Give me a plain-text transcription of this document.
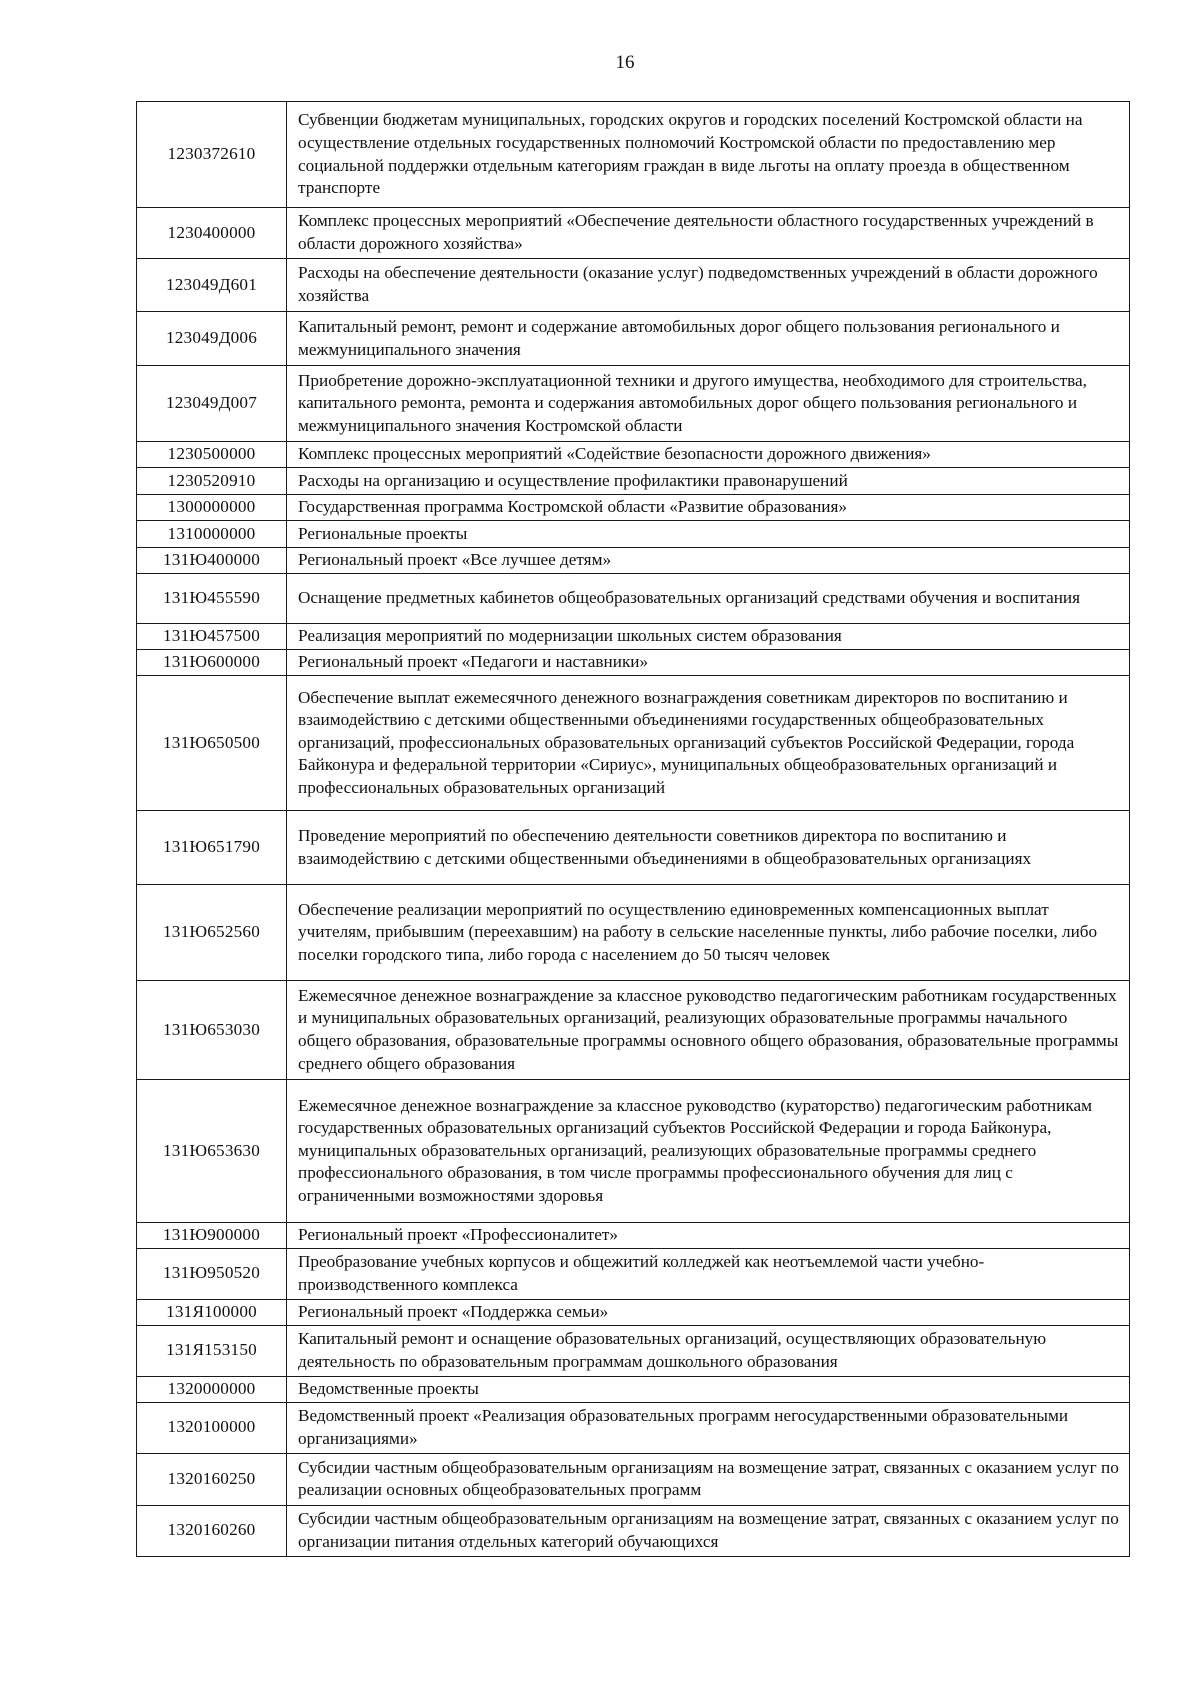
16
1230372610	Субвенции бюджетам муниципальных, городских округов и городских поселений Костромской области на осуществление отдельных государственных полномочий Костромской области по предоставлению мер социальной поддержки отдельным категориям граждан в виде льготы на оплату проезда в общественном транспорте
1230400000	Комплекс процессных мероприятий «Обеспечение деятельности областного государственных учреждений в области дорожного хозяйства»
123049Д601	Расходы на обеспечение деятельности (оказание услуг) подведомственных учреждений в области дорожного хозяйства
123049Д006	Капитальный ремонт, ремонт и содержание автомобильных дорог общего пользования регионального и межмуниципального значения
123049Д007	Приобретение дорожно-эксплуатационной техники и другого имущества, необходимого для строительства, капитального ремонта, ремонта и содержания автомобильных дорог общего пользования регионального и межмуниципального значения Костромской области
1230500000	Комплекс процессных мероприятий «Содействие безопасности дорожного движения»
1230520910	Расходы на организацию и осуществление профилактики правонарушений
1300000000	Государственная программа Костромской области «Развитие образования»
1310000000	Региональные проекты
131Ю400000	Региональный проект «Все лучшее детям»
131Ю455590	Оснащение предметных кабинетов общеобразовательных организаций средствами обучения и воспитания
131Ю457500	Реализация мероприятий по модернизации школьных систем образования
131Ю600000	Региональный проект «Педагоги и наставники»
131Ю650500	Обеспечение выплат ежемесячного денежного вознаграждения советникам директоров по воспитанию и взаимодействию с детскими общественными объединениями государственных общеобразовательных организаций, профессиональных образовательных организаций субъектов Российской Федерации, города Байконура и федеральной территории «Сириус», муниципальных общеобразовательных организаций и профессиональных образовательных организаций
131Ю651790	Проведение мероприятий по обеспечению деятельности советников директора по воспитанию и взаимодействию с детскими общественными объединениями в общеобразовательных организациях
131Ю652560	Обеспечение реализации мероприятий по осуществлению единовременных компенсационных выплат учителям, прибывшим (переехавшим) на работу в сельские населенные пункты, либо рабочие поселки, либо поселки городского типа, либо города с населением до 50 тысяч человек
131Ю653030	Ежемесячное денежное вознаграждение за классное руководство педагогическим работникам государственных и муниципальных образовательных организаций, реализующих образовательные программы начального общего образования, образовательные программы основного общего образования, образовательные программы среднего общего образования
131Ю653630	Ежемесячное денежное вознаграждение за классное руководство (кураторство) педагогическим работникам государственных образовательных организаций субъектов Российской Федерации и города Байконура, муниципальных образовательных организаций, реализующих образовательные программы среднего профессионального образования, в том числе программы профессионального обучения для лиц с ограниченными возможностями здоровья
131Ю900000	Региональный проект «Профессионалитет»
131Ю950520	Преобразование учебных корпусов и общежитий колледжей как неотъемлемой части учебно-производственного комплекса
131Я100000	Региональный проект «Поддержка семьи»
131Я153150	Капитальный ремонт и оснащение образовательных организаций, осуществляющих образовательную деятельность по образовательным программам дошкольного образования
1320000000	Ведомственные проекты
1320100000	Ведомственный проект «Реализация образовательных программ негосударственными образовательными организациями»
1320160250	Субсидии частным общеобразовательным организациям на возмещение затрат, связанных с оказанием услуг по реализации основных общеобразовательных программ
1320160260	Субсидии частным общеобразовательным организациям на возмещение затрат, связанных с оказанием услуг по организации питания отдельных категорий обучающихся
